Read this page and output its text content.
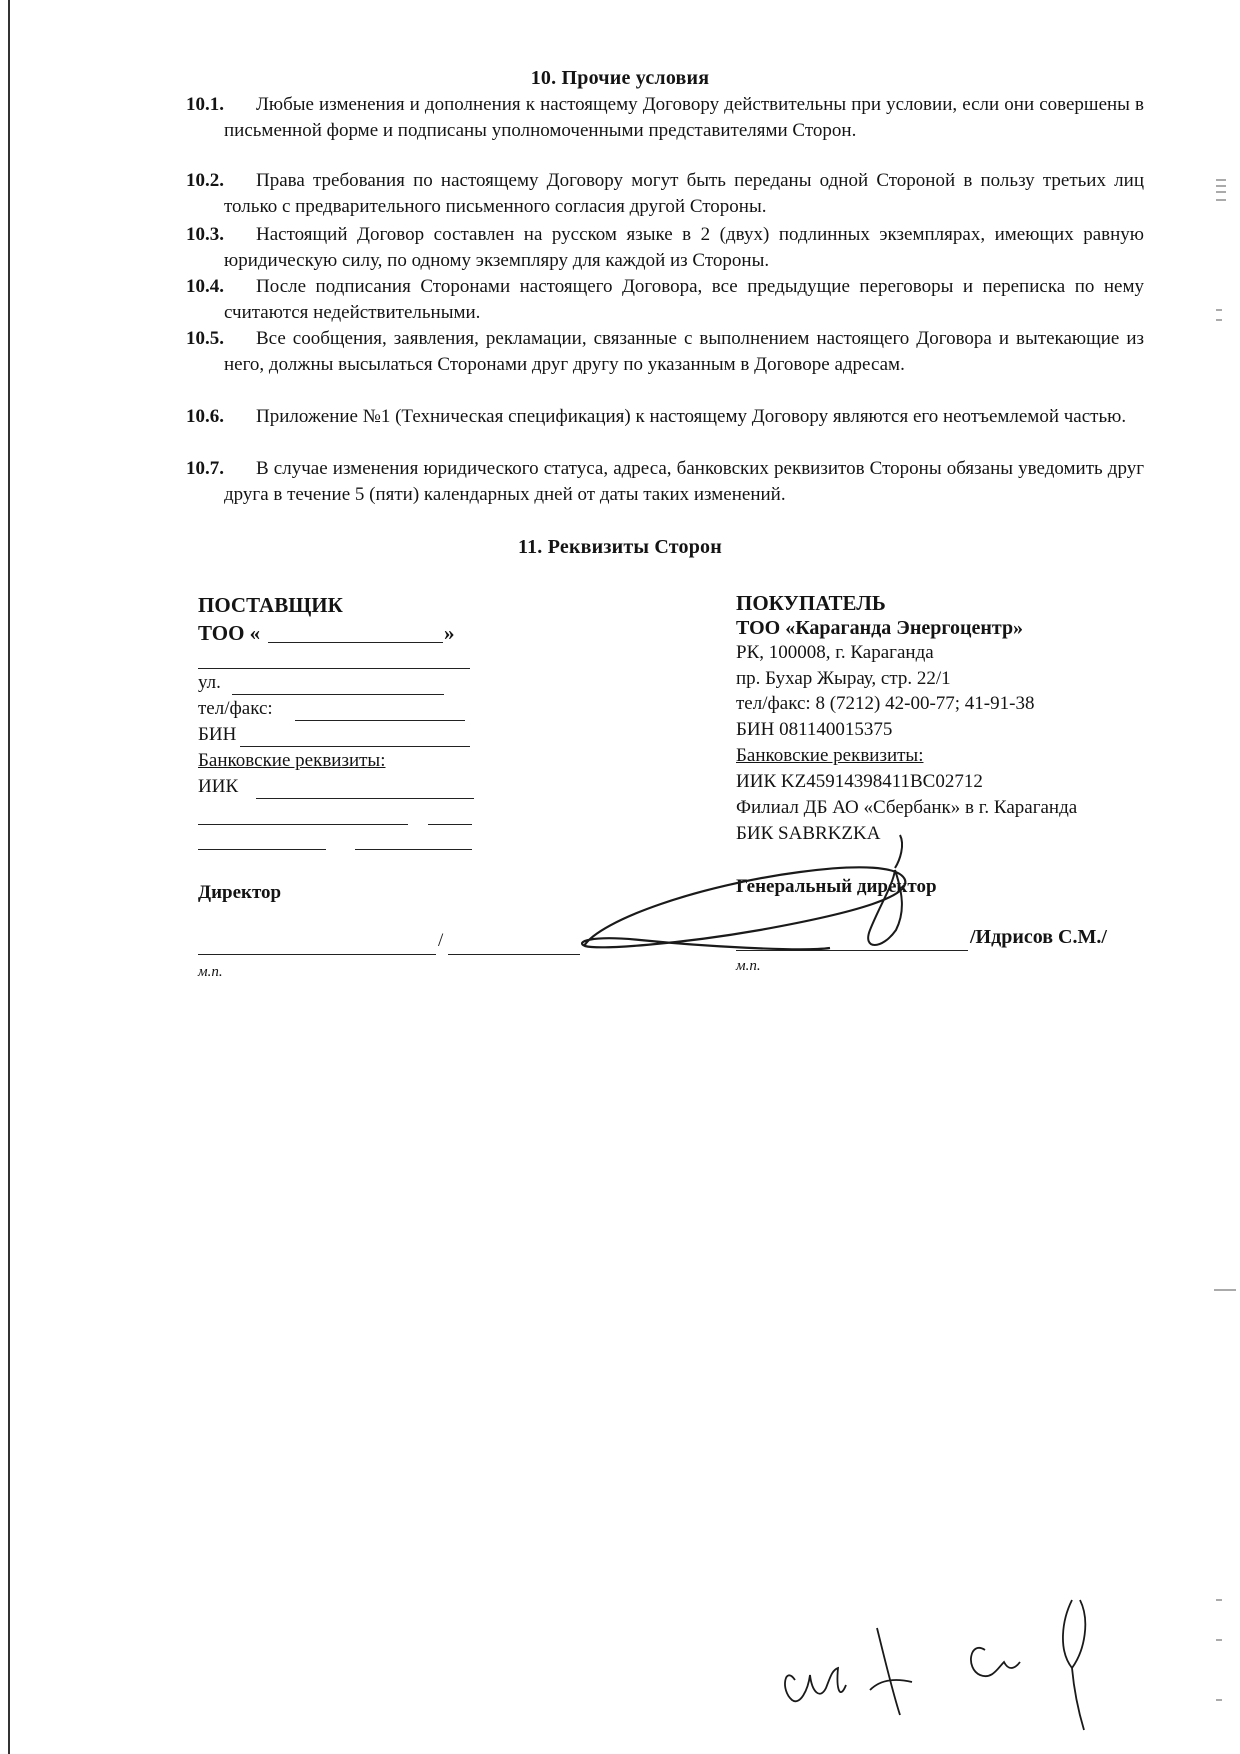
10. Прочие условия
10.1.	Любые изменения и дополнения к настоящему Договору действительны при условии, если они совершены в письменной форме и подписаны уполномоченными представителями Сторон.
10.2.	Права требования по настоящему Договору могут быть переданы одной Стороной в пользу третьих лиц только с предварительного письменного согласия другой Стороны.
10.3.	Настоящий Договор составлен на русском языке в 2 (двух) подлинных экземплярах, имеющих равную юридическую силу, по одному экземпляру для каждой из Стороны.
10.4.	После подписания Сторонами настоящего Договора, все предыдущие переговоры и переписка по нему считаются недействительными.
10.5.	Все сообщения, заявления, рекламации, связанные с выполнением настоящего Договора и вытекающие из него, должны высылаться Сторонами друг другу по указанным в Договоре адресам.
10.6.	Приложение №1 (Техническая спецификация) к настоящему Договору являются его неотъемлемой частью.
10.7.	В случае изменения юридического статуса, адреса, банковских реквизитов Стороны обязаны уведомить друг друга в течение 5 (пяти) календарных дней от даты таких изменений.
11. Реквизиты Сторон
ПОСТАВЩИК
ТОО «	»
ул.
тел/факс:
БИН
Банковские реквизиты:
ИИК
Директор
/
м.п.
ПОКУПАТЕЛЬ
ТОО «Караганда Энергоцентр»
РК, 100008, г. Караганда
пр. Бухар Жырау, стр. 22/1
тел/факс: 8 (7212) 42-00-77; 41-91-38
БИН 081140015375
Банковские реквизиты:
ИИК KZ45914398411BC02712
Филиал ДБ АО «Сбербанк» в г. Караганда
БИК SABRKZKA
Генеральный директор
/Идрисов С.М./
м.п.
